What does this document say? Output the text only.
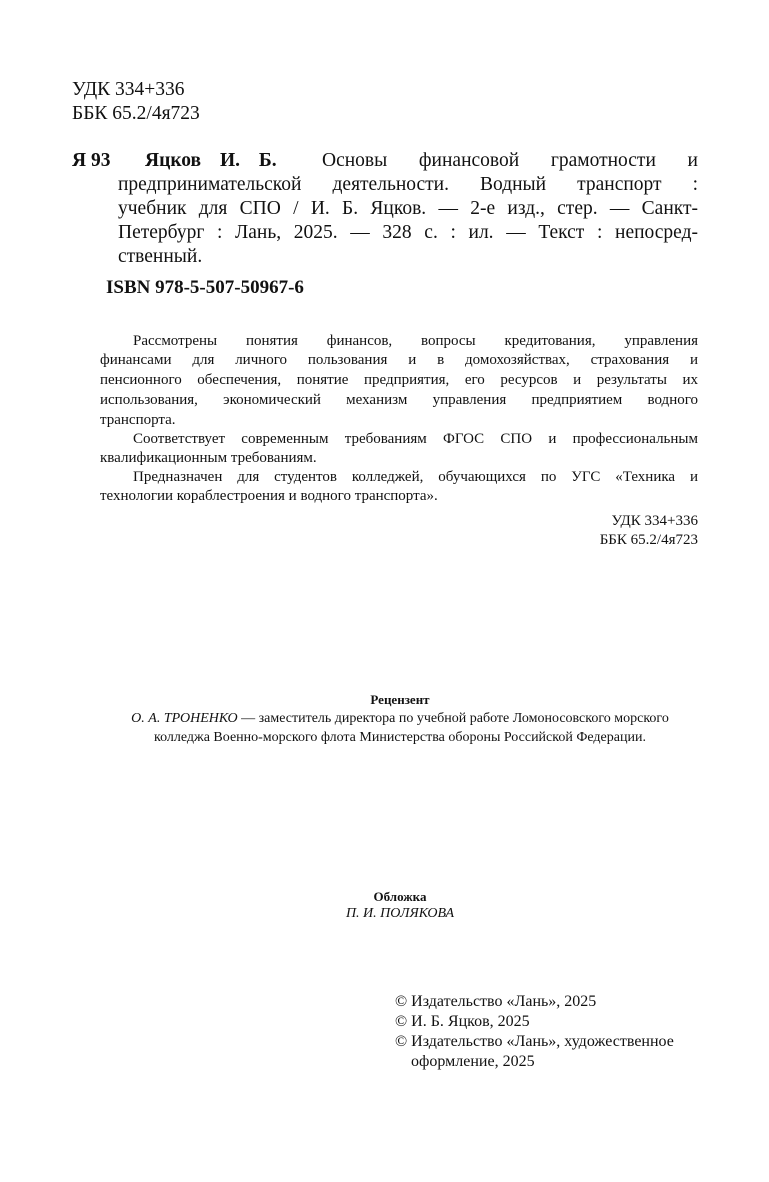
УДК 334+336
ББК 65.2/4я723
Я 93 Яцков И. Б. Основы финансовой грамотности и
предпринимательской деятельности. Водный транспорт :
учебник для СПО / И. Б. Яцков. — 2-е изд., стер. — Санкт-
Петербург : Лань, 2025. — 328 с. : ил. — Текст : непосред-
ственный.
ISBN 978-5-507-50967-6
Рассмотрены понятия финансов, вопросы кредитования, управления
финансами для личного пользования и в домохозяйствах, страхования и
пенсионного обеспечения, понятие предприятия, его ресурсов и результаты их
использования, экономический механизм управления предприятием водного
транспорта.
Соответствует современным требованиям ФГОС СПО и профессиональным
квалификационным требованиям.
Предназначен для студентов колледжей, обучающихся по УГС «Техника и
технологии кораблестроения и водного транспорта».
УДК 334+336
ББК 65.2/4я723
Рецензент
О. А. ТРОНЕНКО — заместитель директора по учебной работе Ломоносовского морского
колледжа Военно-морского флота Министерства обороны Российской Федерации.
Обложка
П. И. ПОЛЯКОВА
© Издательство «Лань», 2025
© И. Б. Яцков, 2025
© Издательство «Лань», художественное
оформление, 2025
